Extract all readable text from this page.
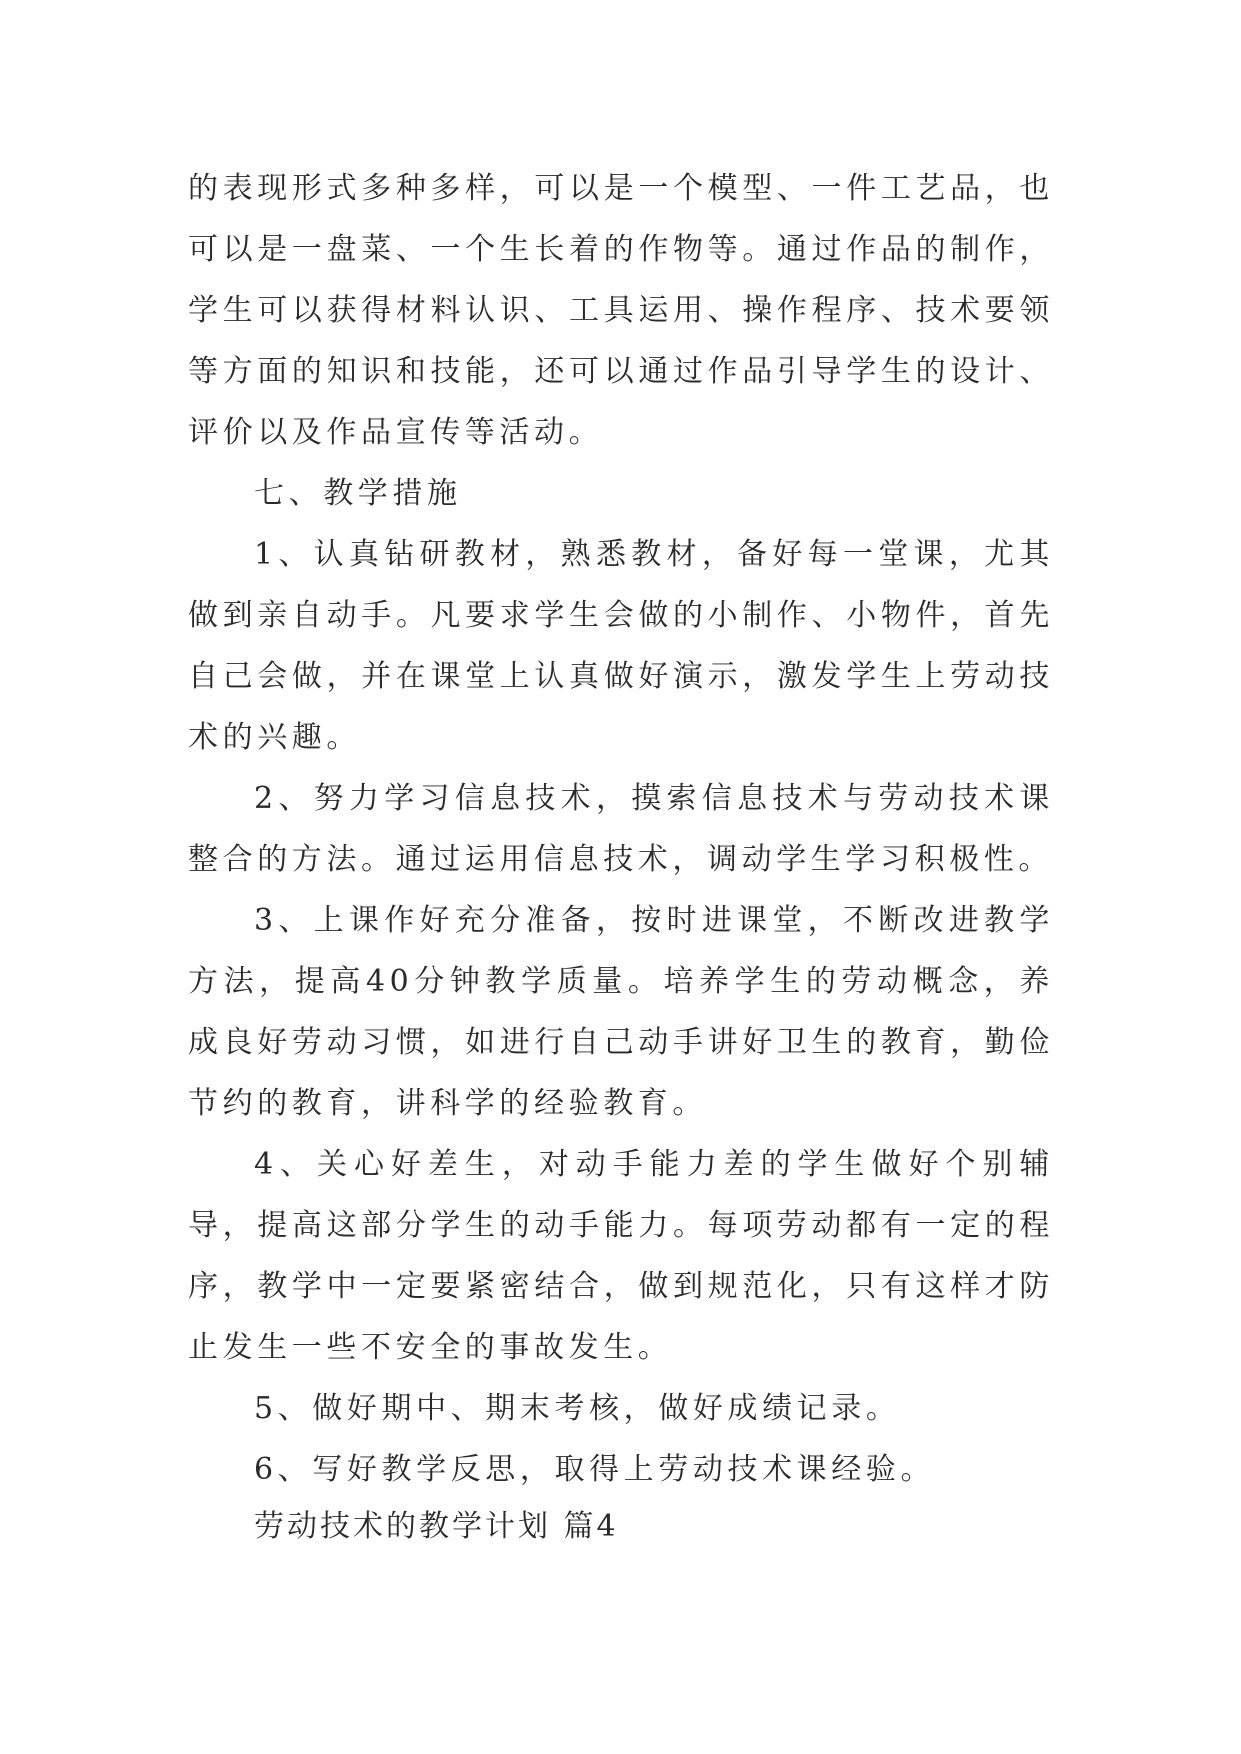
的表现形式多种多样，可以是一个模型、一件工艺品，也可以是一盘菜、一个生长着的作物等。通过作品的制作，学生可以获得材料认识、工具运用、操作程序、技术要领等方面的知识和技能，还可以通过作品引导学生的设计、评价以及作品宣传等活动。

七、教学措施

1、认真钻研教材，熟悉教材，备好每一堂课，尤其做到亲自动手。凡要求学生会做的小制作、小物件，首先自己会做，并在课堂上认真做好演示，激发学生上劳动技术的兴趣。

2、努力学习信息技术，摸索信息技术与劳动技术课整合的方法。通过运用信息技术，调动学生学习积极性。

3、上课作好充分准备，按时进课堂，不断改进教学方法，提高40分钟教学质量。培养学生的劳动概念，养成良好劳动习惯，如进行自己动手讲好卫生的教育，勤俭节约的教育，讲科学的经验教育。

4、关心好差生，对动手能力差的学生做好个别辅导，提高这部分学生的动手能力。每项劳动都有一定的程序，教学中一定要紧密结合，做到规范化，只有这样才防止发生一些不安全的事故发生。

5、做好期中、期末考核，做好成绩记录。

6、写好教学反思，取得上劳动技术课经验。

劳动技术的教学计划 篇4
